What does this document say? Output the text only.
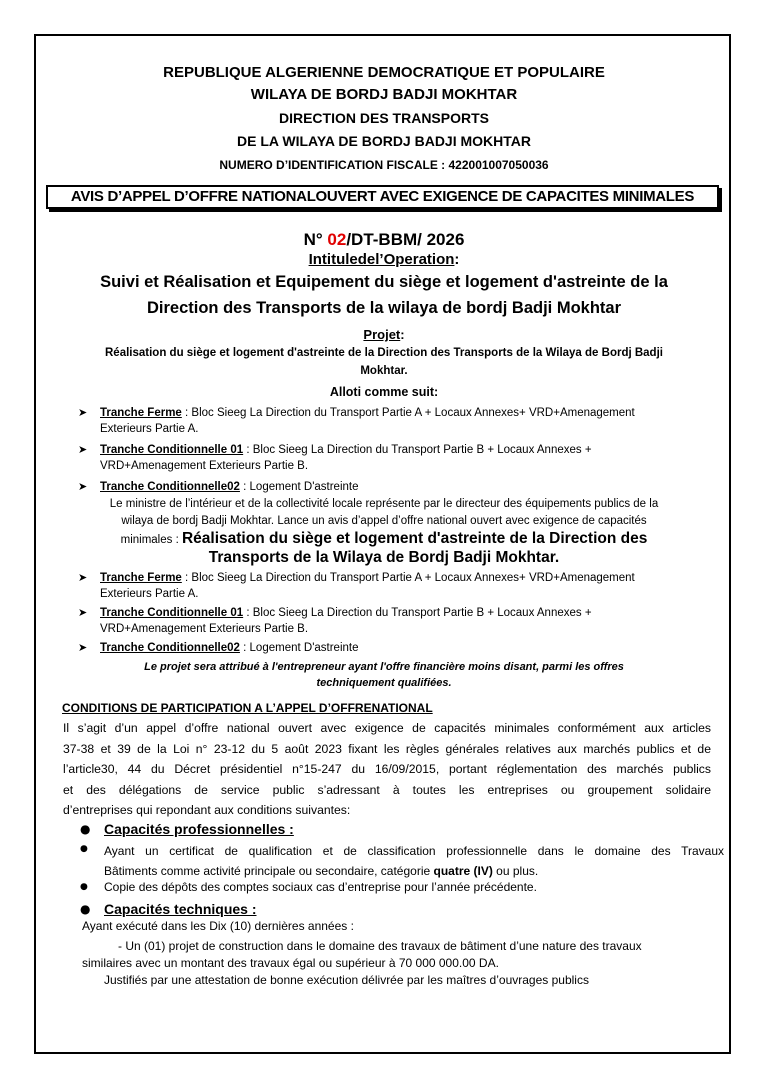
REPUBLIQUE ALGERIENNE DEMOCRATIQUE ET POPULAIRE
WILAYA DE BORDJ BADJI MOKHTAR
DIRECTION DES TRANSPORTS
DE LA WILAYA DE BORDJ BADJI MOKHTAR
NUMERO D’IDENTIFICATION FISCALE : 422001007050036
AVIS D’APPEL D’OFFRE NATIONALOUVERT AVEC EXIGENCE DE CAPACITES MINIMALES
N° 02/DT-BBM/ 2026
Intituledel’Operation:
Suivi et Réalisation et Equipement du siège et logement d'astreinte de la
Direction des Transports de la wilaya de bordj Badji Mokhtar
Projet:
Réalisation du siège et logement d'astreinte de la Direction des Transports de la Wilaya de Bordj Badji
Mokhtar.
Alloti comme suit:
➤ Tranche Ferme : Bloc Sieeg La Direction du Transport Partie A + Locaux Annexes+ VRD+Amenagement
Exterieurs Partie A.
➤ Tranche Conditionnelle 01 : Bloc Sieeg La Direction du Transport Partie B + Locaux Annexes +
VRD+Amenagement Exterieurs Partie B.
➤ Tranche Conditionnelle02 : Logement D'astreinte
Le ministre de l’intérieur et de la collectivité locale représente par le directeur des équipements publics de la
wilaya de bordj Badji Mokhtar. Lance un avis d’appel d’offre national ouvert avec exigence de capacités
minimales : Réalisation du siège et logement d'astreinte de la Direction des
Transports de la Wilaya de Bordj Badji Mokhtar.
➤ Tranche Ferme : Bloc Sieeg La Direction du Transport Partie A + Locaux Annexes+ VRD+Amenagement
Exterieurs Partie A.
➤ Tranche Conditionnelle 01 : Bloc Sieeg La Direction du Transport Partie B + Locaux Annexes +
VRD+Amenagement Exterieurs Partie B.
➤ Tranche Conditionnelle02 : Logement D'astreinte
Le projet sera attribué à l'entrepreneur ayant l'offre financière moins disant, parmi les offres
techniquement qualifiées.
CONDITIONS DE PARTICIPATION A L’APPEL D’OFFRENATIONAL
Il s’agit d’un appel d’offre national ouvert avec exigence de capacités minimales conformément aux articles
37-38 et 39 de la Loi n° 23-12 du 5 août 2023 fixant les règles générales relatives aux marchés publics et de
l’article30, 44 du Décret présidentiel n°15-247 du 16/09/2015, portant réglementation des marchés publics
et des délégations de service public s’adressant à toutes les entreprises ou groupement solidaire
d’entreprises qui repondant aux conditions suivantes:
● Capacités professionnelles :
● Ayant un certificat de qualification et de classification professionnelle dans le domaine des Travaux
Bâtiments comme activité principale ou secondaire, catégorie quatre (IV) ou plus.
● Copie des dépôts des comptes sociaux cas d’entreprise pour l’année précédente.
● Capacités techniques :
Ayant exécuté dans les Dix (10) dernières années :
- Un (01) projet de construction dans le domaine des travaux de bâtiment d’une nature des travaux
similaires avec un montant des travaux égal ou supérieur à 70 000 000.00 DA.
Justifiés par une attestation de bonne exécution délivrée par les maîtres d’ouvrages publics
